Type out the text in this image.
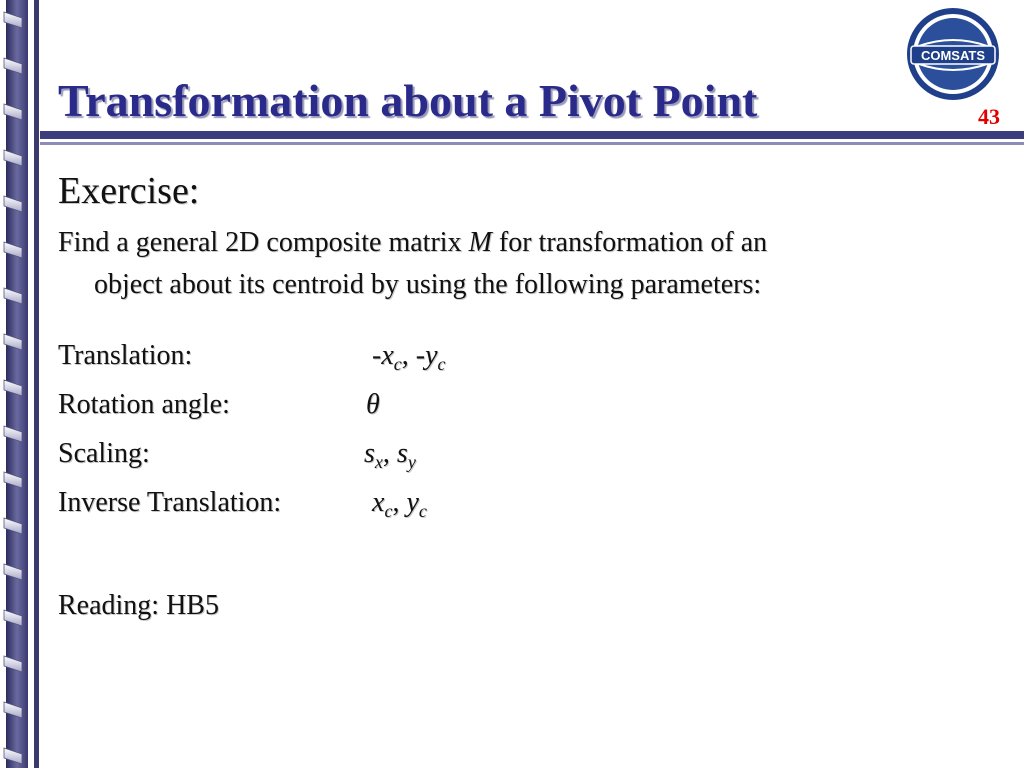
COMSATS
Transformation about a Pivot Point	43
Exercise:

Find a general 2D composite matrix M for transformation of an
object about its centroid by using the following parameters:

Translation:	$-x_c$, $-y_c$
Rotation angle:	θ
Scaling:	$s_x$, $s_y$
Inverse Translation:	$x_c$, $y_c$
Reading: HB5
